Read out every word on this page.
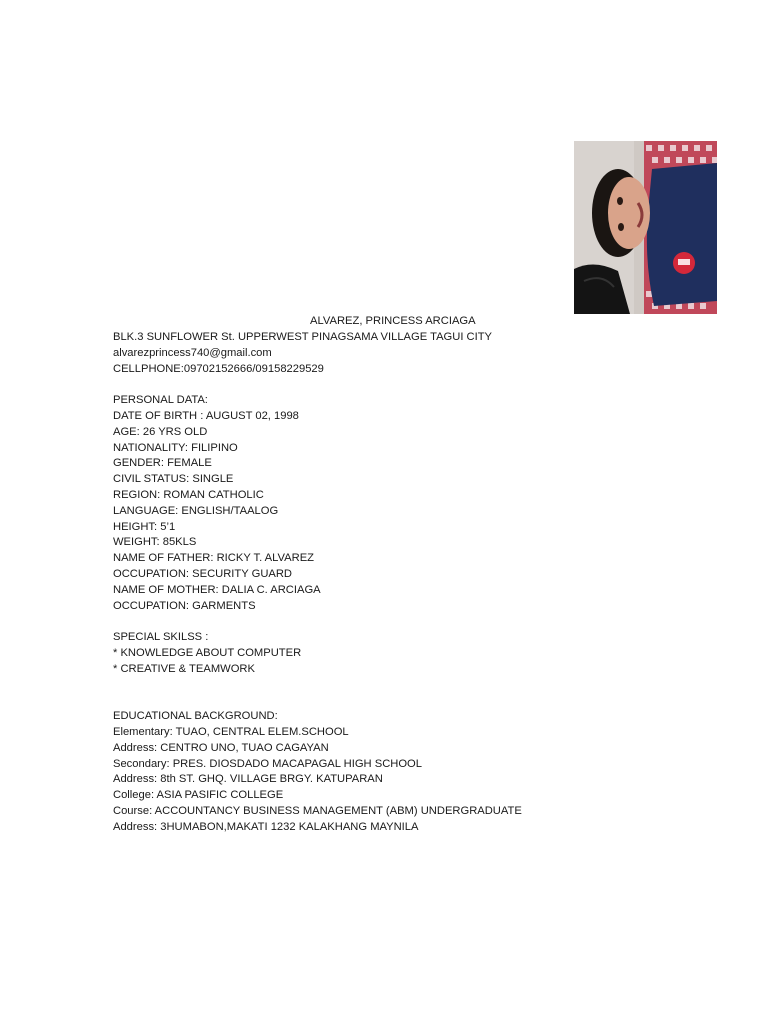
ALVAREZ, PRINCESS ARCIAGA
BLK.3 SUNFLOWER St. UPPERWEST PINAGSAMA VILLAGE TAGUI CITY
alvarezprincess740@gmail.com
CELLPHONE:09702152666/09158229529
PERSONAL DATA:
DATE OF BIRTH : AUGUST 02, 1998
AGE: 26 YRS OLD
NATIONALITY: FILIPINO
GENDER: FEMALE
CIVIL STATUS: SINGLE
REGION: ROMAN CATHOLIC
LANGUAGE: ENGLISH/TAALOG
HEIGHT: 5’1
WEIGHT: 85KLS
NAME OF FATHER: RICKY T. ALVAREZ
OCCUPATION: SECURITY GUARD
NAME OF MOTHER: DALIA C. ARCIAGA
OCCUPATION: GARMENTS
SPECIAL SKILSS :
* KNOWLEDGE ABOUT COMPUTER
* CREATIVE & TEAMWORK
EDUCATIONAL BACKGROUND:
Elementary: TUAO, CENTRAL ELEM.SCHOOL
Address: CENTRO UNO, TUAO CAGAYAN
Secondary: PRES. DIOSDADO MACAPAGAL HIGH SCHOOL
Address: 8th ST. GHQ. VILLAGE BRGY. KATUPARAN
College: ASIA PASIFIC COLLEGE
Course: ACCOUNTANCY BUSINESS MANAGEMENT (ABM) UNDERGRADUATE
Address: 3HUMABON,MAKATI 1232 KALAKHANG MAYNILA
